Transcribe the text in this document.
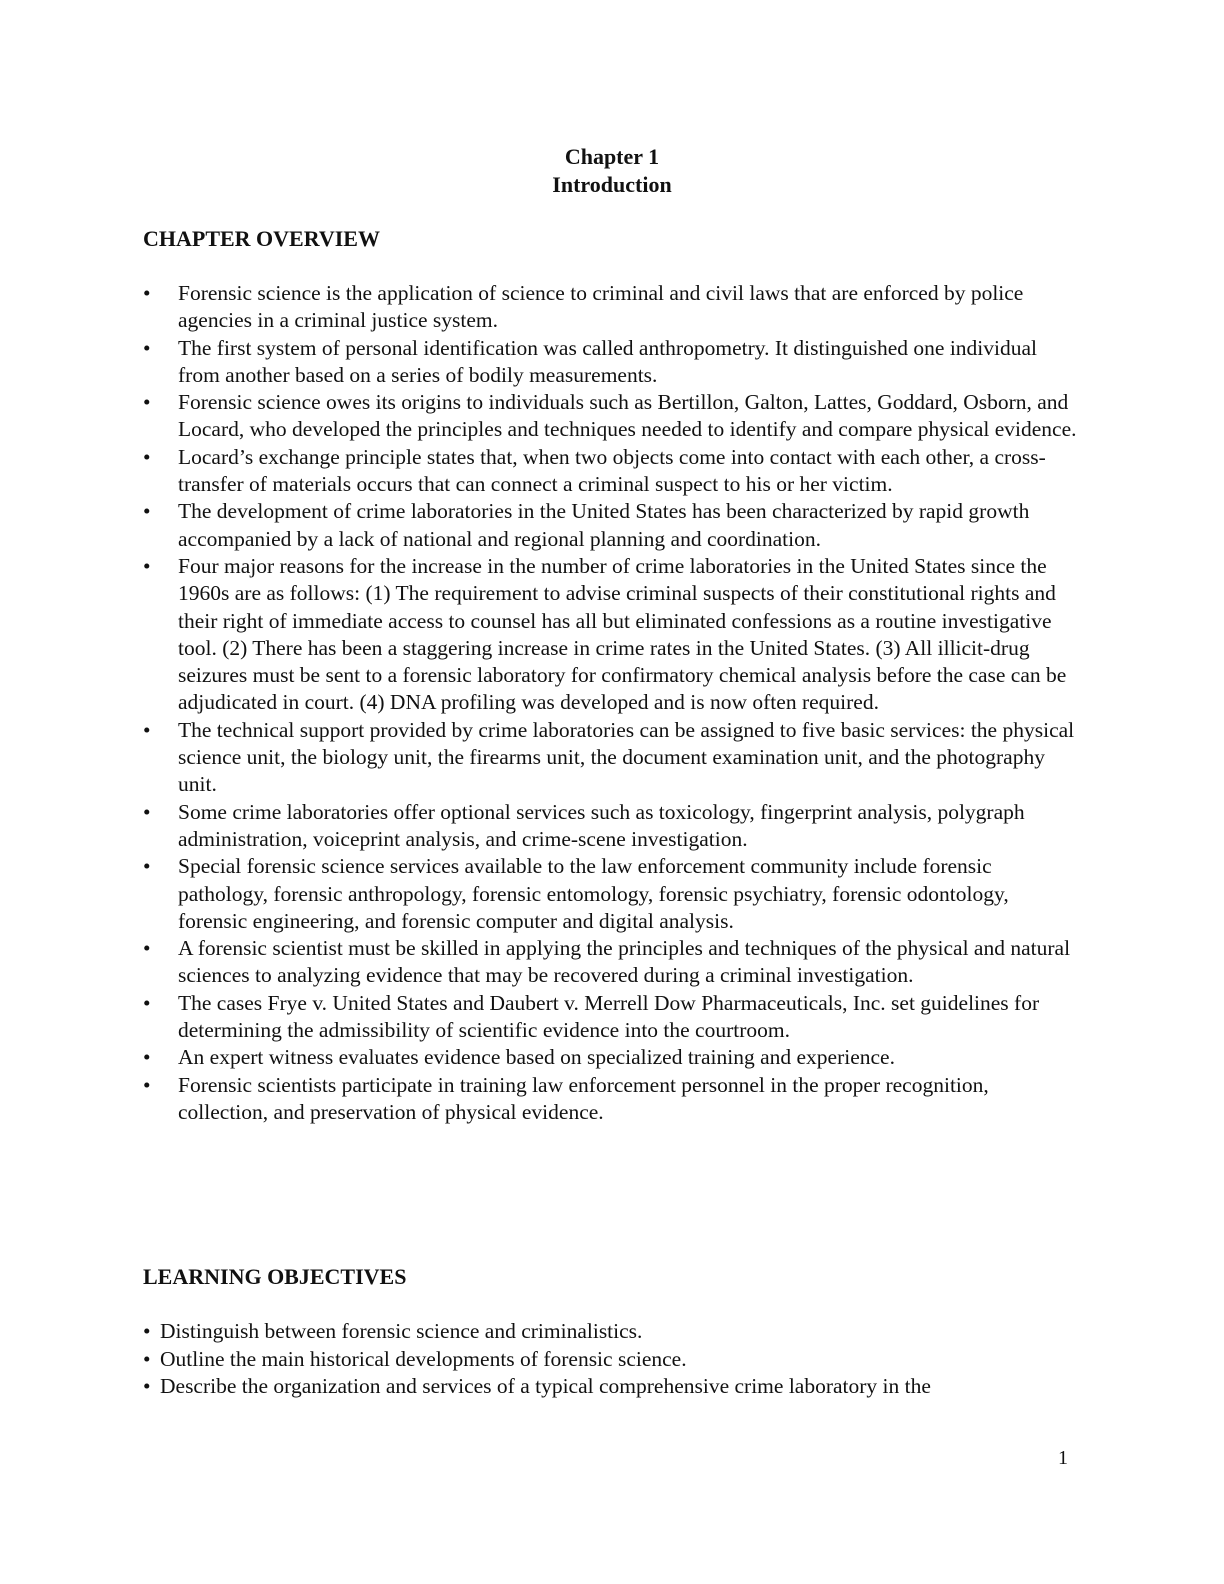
Chapter 1
Introduction
CHAPTER OVERVIEW
• Forensic science is the application of science to criminal and civil laws that are enforced by police agencies in a criminal justice system.
• The first system of personal identification was called anthropometry. It distinguished one individual from another based on a series of bodily measurements.
• Forensic science owes its origins to individuals such as Bertillon, Galton, Lattes, Goddard, Osborn, and Locard, who developed the principles and techniques needed to identify and compare physical evidence.
• Locard’s exchange principle states that, when two objects come into contact with each other, a cross-transfer of materials occurs that can connect a criminal suspect to his or her victim.
• The development of crime laboratories in the United States has been characterized by rapid growth accompanied by a lack of national and regional planning and coordination.
• Four major reasons for the increase in the number of crime laboratories in the United States since the 1960s are as follows: (1) The requirement to advise criminal suspects of their constitutional rights and their right of immediate access to counsel has all but eliminated confessions as a routine investigative tool. (2) There has been a staggering increase in crime rates in the United States. (3) All illicit-drug seizures must be sent to a forensic laboratory for confirmatory chemical analysis before the case can be adjudicated in court. (4) DNA profiling was developed and is now often required.
• The technical support provided by crime laboratories can be assigned to five basic services: the physical science unit, the biology unit, the firearms unit, the document examination unit, and the photography unit.
• Some crime laboratories offer optional services such as toxicology, fingerprint analysis, polygraph administration, voiceprint analysis, and crime-scene investigation.
• Special forensic science services available to the law enforcement community include forensic pathology, forensic anthropology, forensic entomology, forensic psychiatry, forensic odontology, forensic engineering, and forensic computer and digital analysis.
• A forensic scientist must be skilled in applying the principles and techniques of the physical and natural sciences to analyzing evidence that may be recovered during a criminal investigation.
• The cases Frye v. United States and Daubert v. Merrell Dow Pharmaceuticals, Inc. set guidelines for determining the admissibility of scientific evidence into the courtroom.
• An expert witness evaluates evidence based on specialized training and experience.
• Forensic scientists participate in training law enforcement personnel in the proper recognition, collection, and preservation of physical evidence.
LEARNING OBJECTIVES
• Distinguish between forensic science and criminalistics.
• Outline the main historical developments of forensic science.
• Describe the organization and services of a typical comprehensive crime laboratory in the
1
